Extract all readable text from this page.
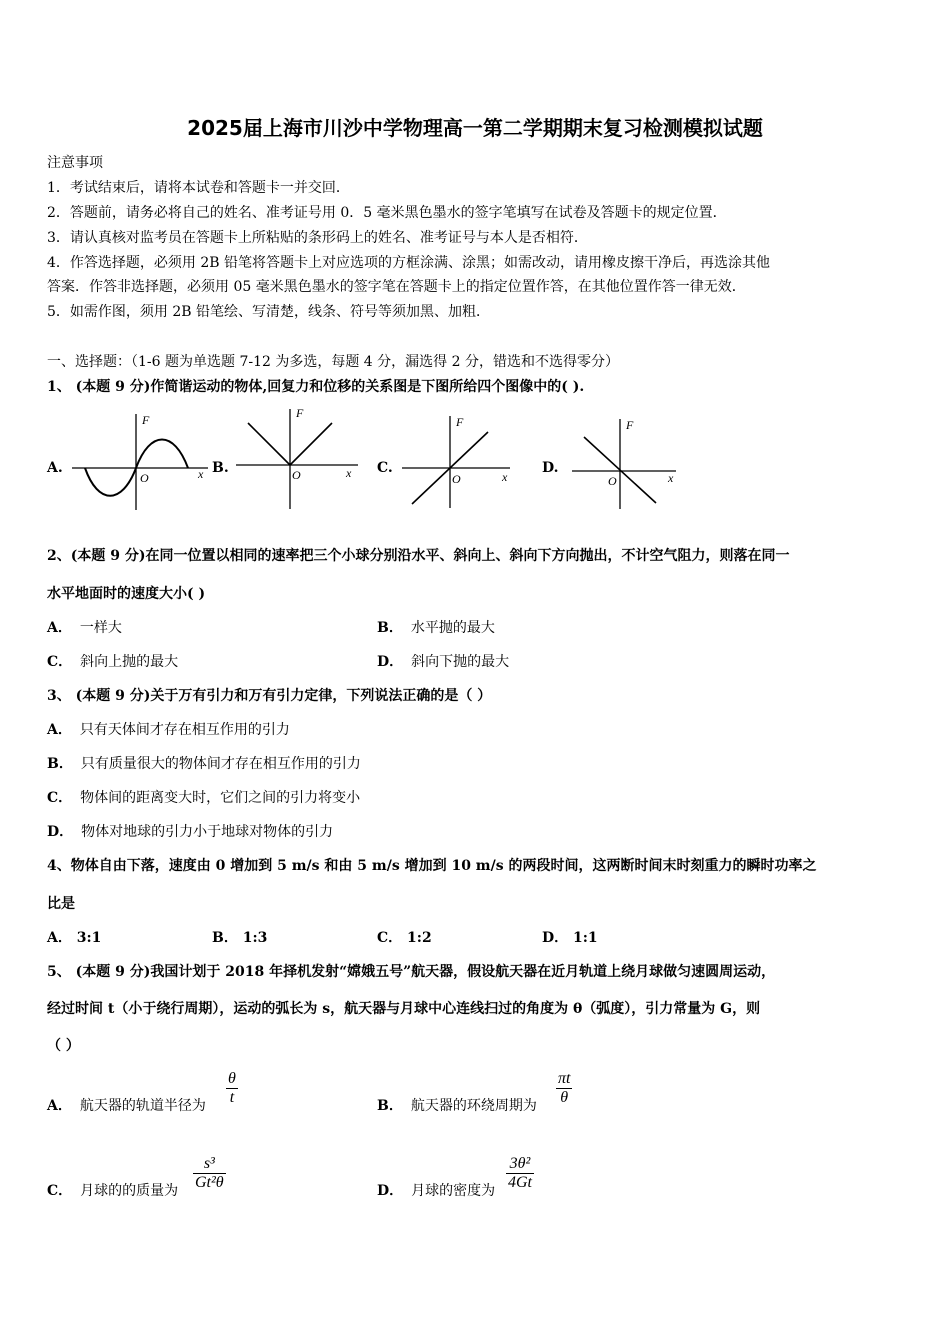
2025届上海市川沙中学物理高一第二学期期末复习检测模拟试题
注意事项
1．考试结束后，请将本试卷和答题卡一并交回．
2．答题前，请务必将自己的姓名、准考证号用 0．5 毫米黑色墨水的签字笔填写在试卷及答题卡的规定位置．
3．请认真核对监考员在答题卡上所粘贴的条形码上的姓名、准考证号与本人是否相符．
4．作答选择题，必须用 2B 铅笔将答题卡上对应选项的方框涂满、涂黑；如需改动，请用橡皮擦干净后，再选涂其他
答案．作答非选择题，必须用 05 毫米黑色墨水的签字笔在答题卡上的指定位置作答，在其他位置作答一律无效．
5．如需作图，须用 2B 铅笔绘、写清楚，线条、符号等须加黑、加粗．
一、选择题：（1-6 题为单选题 7-12 为多选，每题 4 分，漏选得 2 分，错选和不选得零分）
1、 (本题 9 分)作简谐运动的物体,回复力和位移的关系图是下图所给四个图像中的( ).
A.
F
O	x B.
F
O	x C.
F
O	x
D.
F
O	x
2、(本题 9 分)在同一位置以相同的速率把三个小球分别沿水平、斜向上、斜向下方向抛出，不计空气阻力，则落在同一
水平地面时的速度大小( )
A． 一样大	B． 水平抛的最大
C． 斜向上抛的最大	D． 斜向下抛的最大
3、 (本题 9 分)关于万有引力和万有引力定律，下列说法正确的是（ ）
A． 只有天体间才存在相互作用的引力
B． 只有质量很大的物体间才存在相互作用的引力
C． 物体间的距离变大时，它们之间的引力将变小
D． 物体对地球的引力小于地球对物体的引力
4、物体自由下落，速度由 0 增加到 5 m/s 和由 5 m/s 增加到 10 m/s 的两段时间，这两断时间末时刻重力的瞬时功率之
比是
A． 3:1	B． 1:3	C． 1:2	D． 1:1
5、 (本题 9 分)我国计划于 2018 年择机发射“嫦娥五号”航天器，假设航天器在近月轨道上绕月球做匀速圆周运动，
经过时间 t（小于绕行周期），运动的弧长为 s，航天器与月球中心连线扫过的角度为 θ（弧度），引力常量为 G，则
（ ）
A． 航天器的轨道半径为 $\frac{\theta}{t}$	B． 航天器的环绕周期为 $\frac{\pi t}{\theta}$
C． 月球的的质量为 $\frac{\text{s³}}{\text{Gt²θ}}$	D． 月球的密度为 $\frac{\text{3θ²}}{4Gt}$
